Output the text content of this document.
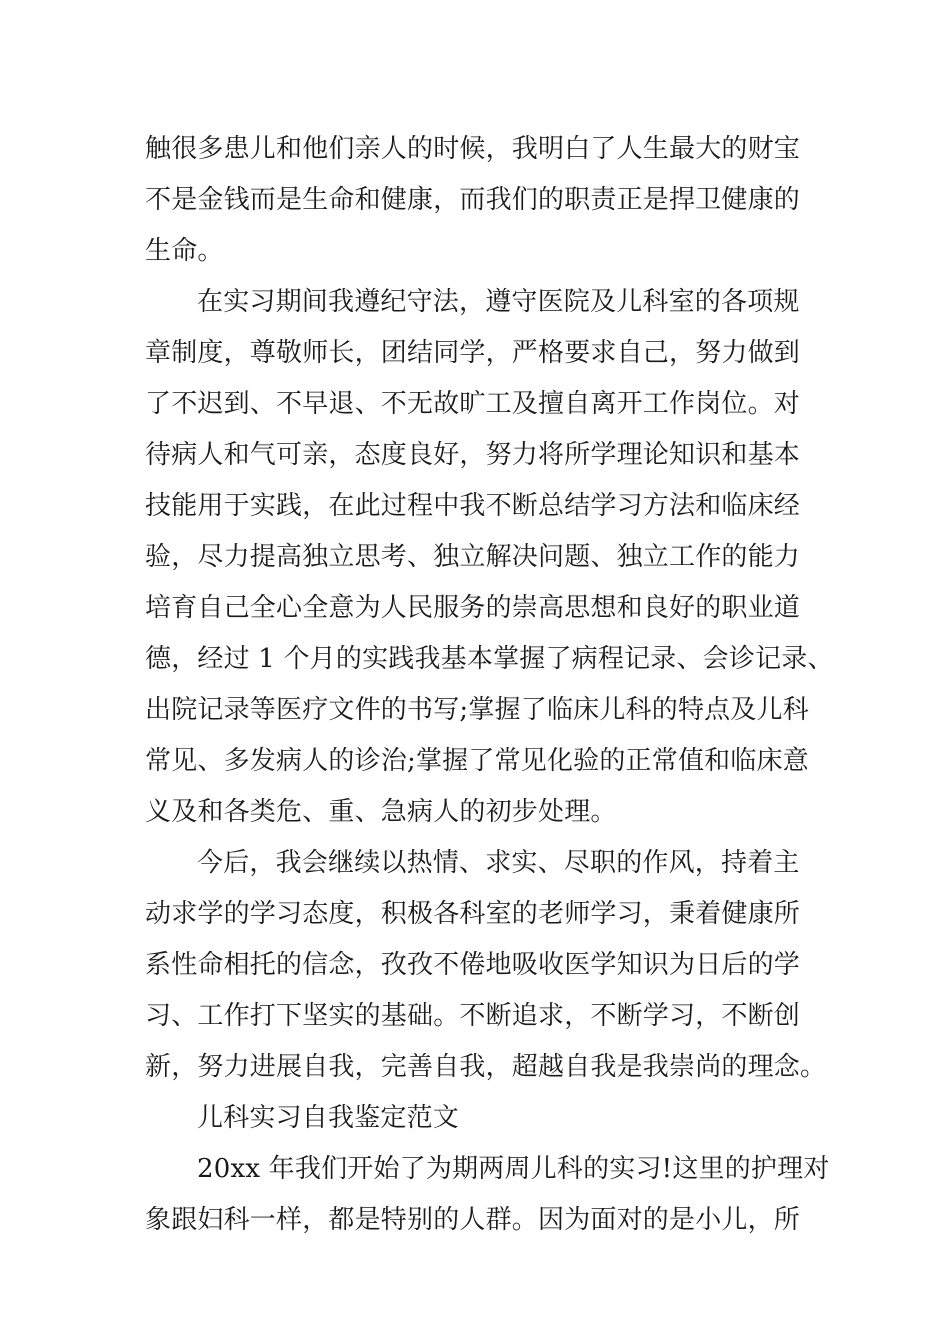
触很多患儿和他们亲人的时候，我明白了人生最大的财宝
不是金钱而是生命和健康，而我们的职责正是捍卫健康的
生命。
在实习期间我遵纪守法，遵守医院及儿科室的各项规
章制度，尊敬师长，团结同学，严格要求自己，努力做到
了不迟到、不早退、不无故旷工及擅自离开工作岗位。对
待病人和气可亲，态度良好，努力将所学理论知识和基本
技能用于实践，在此过程中我不断总结学习方法和临床经
验，尽力提高独立思考、独立解决问题、独立工作的能力
培育自己全心全意为人民服务的崇高思想和良好的职业道
德，经过 1 个月的实践我基本掌握了病程记录、会诊记录、
出院记录等医疗文件的书写;掌握了临床儿科的特点及儿科
常见、多发病人的诊治;掌握了常见化验的正常值和临床意
义及和各类危、重、急病人的初步处理。
今后，我会继续以热情、求实、尽职的作风，持着主
动求学的学习态度，积极各科室的老师学习，秉着健康所
系性命相托的信念，孜孜不倦地吸收医学知识为日后的学
习、工作打下坚实的基础。不断追求，不断学习，不断创
新，努力进展自我，完善自我，超越自我是我崇尚的理念。
儿科实习自我鉴定范文
20xx 年我们开始了为期两周儿科的实习!这里的护理对
象跟妇科一样，都是特别的人群。因为面对的是小儿，所
